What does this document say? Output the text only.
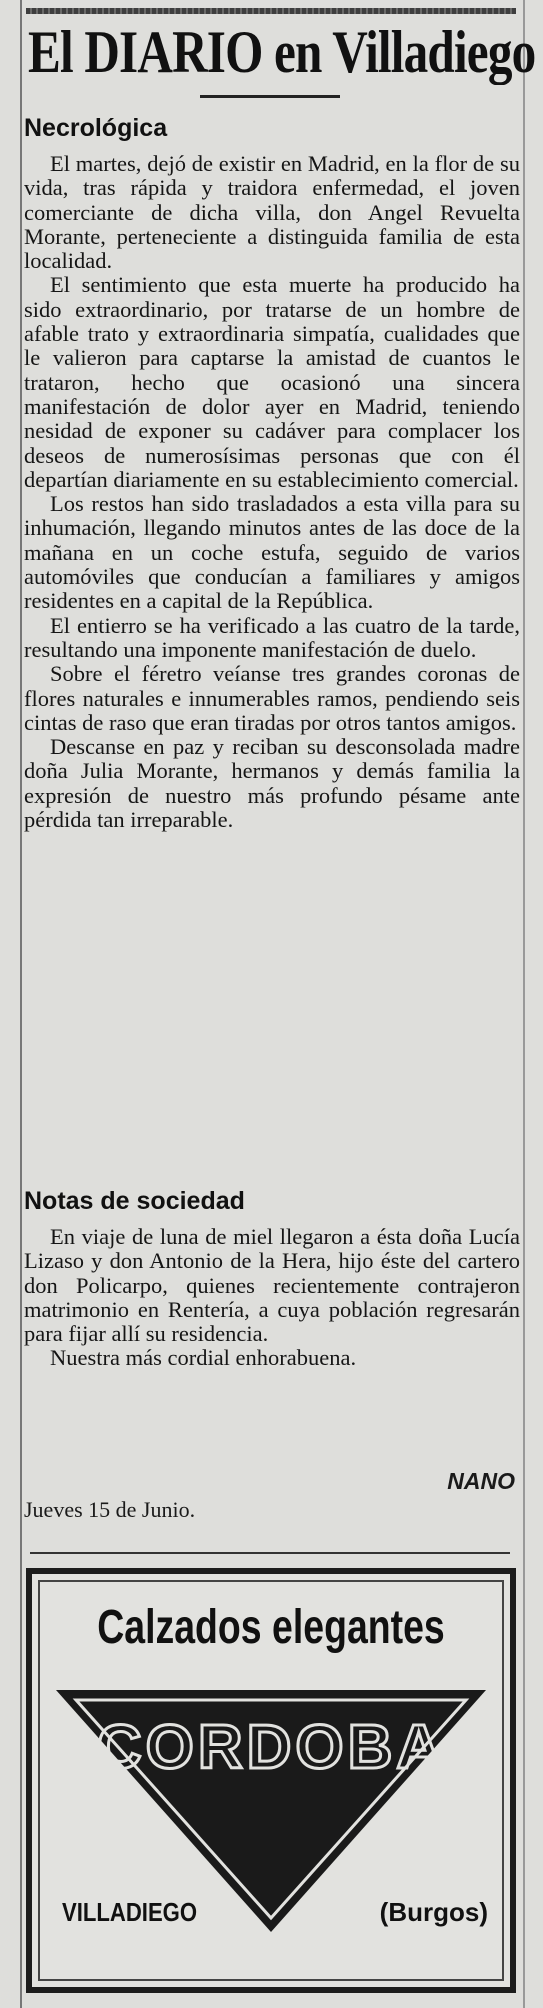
El DIARIO en Villadiego
Necrológica

El martes, dejó de existir en Madrid, en la flor de su vida, tras rápida y traidora enfermedad, el joven comerciante de dicha villa, don Angel Revuelta Morante, perteneciente a distinguida familia de esta localidad.

El sentimiento que esta muerte ha producido ha sido extraordinario, por tratarse de un hombre de afable trato y extraordinaria simpatía, cualidades que le valieron para captarse la amistad de cuantos le trataron, hecho que ocasionó una sincera manifestación de dolor ayer en Madrid, teniendo nesidad de exponer su cadáver para complacer los deseos de numerosísimas personas que con él departían diariamente en su establecimiento comercial.

Los restos han sido trasladados a esta villa para su inhumación, llegando minutos antes de las doce de la mañana en un coche estufa, seguido de varios automóviles que conducían a familiares y amigos residentes en a capital de la República.

El entierro se ha verificado a las cuatro de la tarde, resultando una imponente manifestación de duelo.

Sobre el féretro veíanse tres grandes coronas de flores naturales e innumerables ramos, pendiendo seis cintas de raso que eran tiradas por otros tantos amigos.

Descanse en paz y reciban su desconsolada madre doña Julia Morante, hermanos y demás familia la expresión de nuestro más profundo pésame ante pérdida tan irreparable.

Notas de sociedad

En viaje de luna de miel llegaron a ésta doña Lucía Lizaso y don Antonio de la Hera, hijo éste del cartero don Policarpo, quienes recientemente contrajeron matrimonio en Rentería, a cuya población regresarán para fijar allí su residencia.

Nuestra más cordial enhorabuena.

NANO
Jueves 15 de Junio.
Calzados elegantes
CORDOBA
VILLADIEGO	(Burgos)
